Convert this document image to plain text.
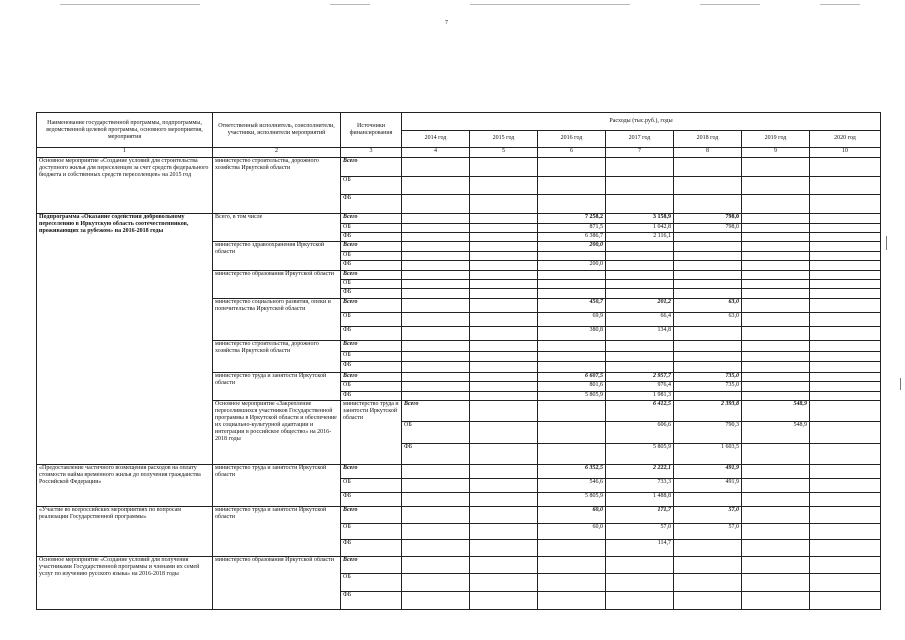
7
Наименование государственной программы, подпрограммы, ведомственной целевой программы, основного мероприятия, мероприятия	Ответственный исполнитель, соисполнители, участники, исполнители мероприятий	Источники финансирования	Расходы (тыс.руб.), годы							
			2014 год	2015 год	2016 год	2017 год	2018 год	2019 год	2020 год	
1	2	3	4	5	6	7	8	9	10	
Основное мероприятие «Создание условий для строительства доступного жилья для переселенцев за счет средств федерального бюджета и собственных средств переселенцев» на 2015 год	министерство строительства, дорожного хозяйства Иркутской области	Всего								
		ОБ								
		ФБ								
Подпрограмма «Оказание содействия добровольному переселению в Иркутскую область соотечественников, проживающих за рубежом» на 2016-2018 годы	Всего, в том числе	Всего			7 258,2	3 158,9	798,0			
		ОБ			871,5	1 042,8	798,0			
		ФБ			6 386,7	2 116,1				
	министерство здравоохранения Иркутской области	Всего			200,0					
		ОБ								
		ФБ			200,0					
	министерство образования Иркутской области	Всего								
		ОБ								
		ФБ								
	министерство социального развития, опеки и попечительства Иркутской области	Всего			450,7	201,2	63,0			
		ОБ			69,9	66,4	63,0			
		ФБ			380,8	134,8				
	министерство строительства, дорожного хозяйства Иркутской области	Всего								
		ОБ								
		ФБ								
	министерство труда и занятости Иркутской области	Всего			6 607,5	2 957,7	735,0			
		ОБ			801,6	976,4	735,0			
		ФБ			5 805,9	1 981,3				
	Основное мероприятие «Закрепление переселившихся участников Государственной программы в Иркутской области и обеспечение их социально-культурной адаптации и интеграции в российское общество» на 2016-2018 годы	министерство труда и занятости Иркутской области	Всего			6 412,5	2 393,8	548,9		
			ОБ			606,6	790,3	548,9		
			ФБ			5 805,9	1 603,5			
«Предоставление частичного возмещения расходов на оплату стоимости найма временного жилья до получения гражданства Российской Федерации»	министерство труда и занятости Иркутской области	Всего			6 352,5	2 222,1	491,9			
		ОБ			546,6	733,3	491,9			
		ФБ			5 805,9	1 488,8				
«Участие во всероссийских мероприятиях по вопросам реализации Государственной программы»	министерство труда и занятости Иркутской области	Всего			60,0	171,7	57,0			
		ОБ			60,0	57,0	57,0			
		ФБ				114,7				
Основное мероприятие «Создание условий для получения участниками Государственной программы и членами их семей услуг по изучению русского языка» на 2016-2018 годы	министерство образования Иркутской области	Всего								
		ОБ								
		ФБ								
